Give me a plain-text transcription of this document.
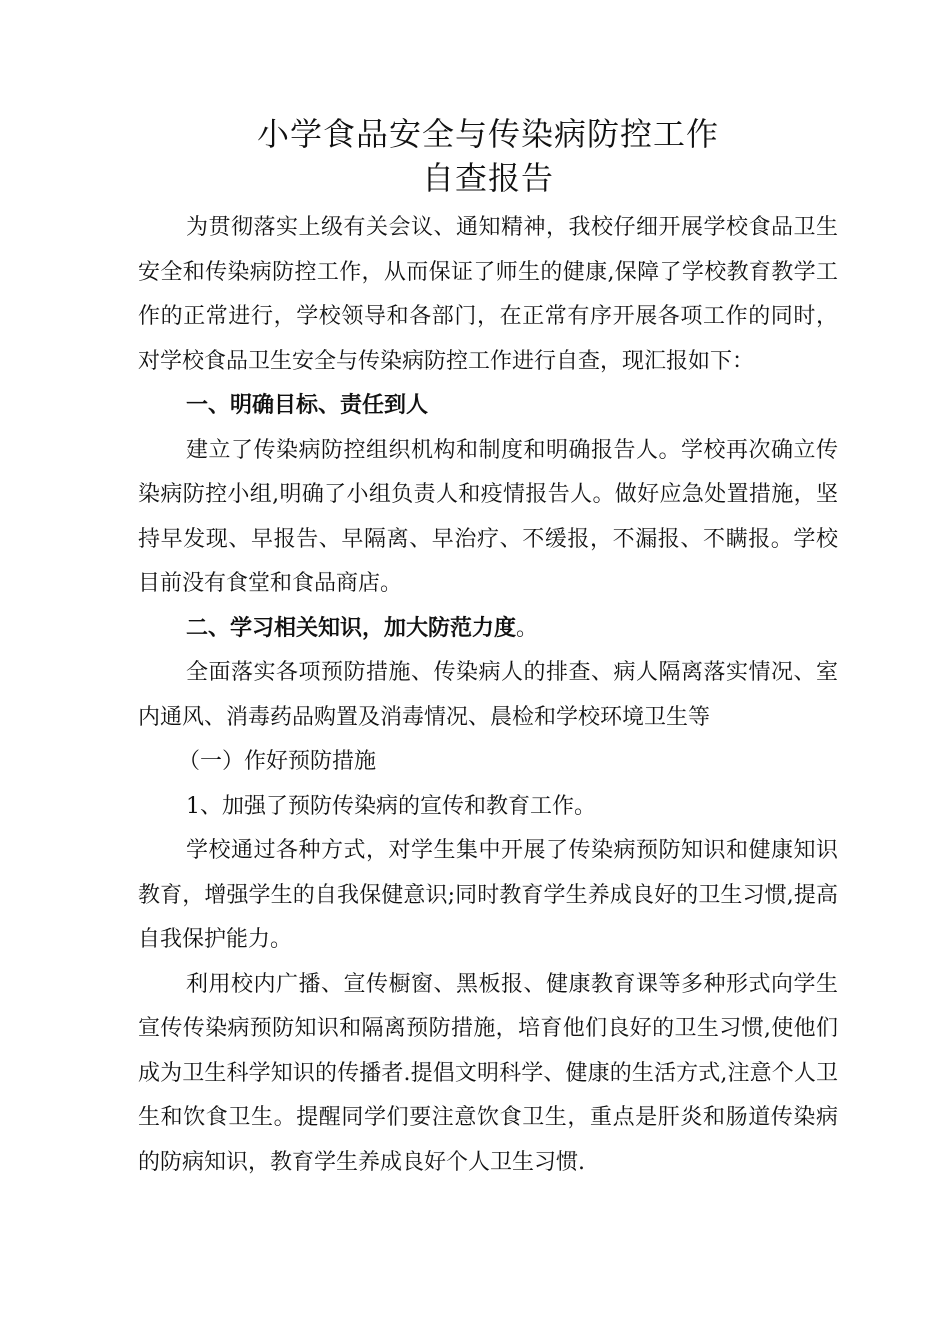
小学食品安全与传染病防控工作
自查报告

为贯彻落实上级有关会议、通知精神，我校仔细开展学校食品卫生安全和传染病防控工作，从而保证了师生的健康,保障了学校教育教学工作的正常进行，学校领导和各部门，在正常有序开展各项工作的同时，对学校食品卫生安全与传染病防控工作进行自查，现汇报如下：

一、明确目标、责任到人

建立了传染病防控组织机构和制度和明确报告人。学校再次确立传染病防控小组,明确了小组负责人和疫情报告人。做好应急处置措施，坚持早发现、早报告、早隔离、早治疗、不缓报，不漏报、不瞒报。学校目前没有食堂和食品商店。

二、学习相关知识，加大防范力度。

全面落实各项预防措施、传染病人的排查、病人隔离落实情况、室内通风、消毒药品购置及消毒情况、晨检和学校环境卫生等

（一）作好预防措施

1、加强了预防传染病的宣传和教育工作。

学校通过各种方式，对学生集中开展了传染病预防知识和健康知识教育，增强学生的自我保健意识;同时教育学生养成良好的卫生习惯,提高自我保护能力。

利用校内广播、宣传橱窗、黑板报、健康教育课等多种形式向学生宣传传染病预防知识和隔离预防措施，培育他们良好的卫生习惯,使他们成为卫生科学知识的传播者.提倡文明科学、健康的生活方式,注意个人卫生和饮食卫生。提醒同学们要注意饮食卫生，重点是肝炎和肠道传染病的防病知识，教育学生养成良好个人卫生习惯.
